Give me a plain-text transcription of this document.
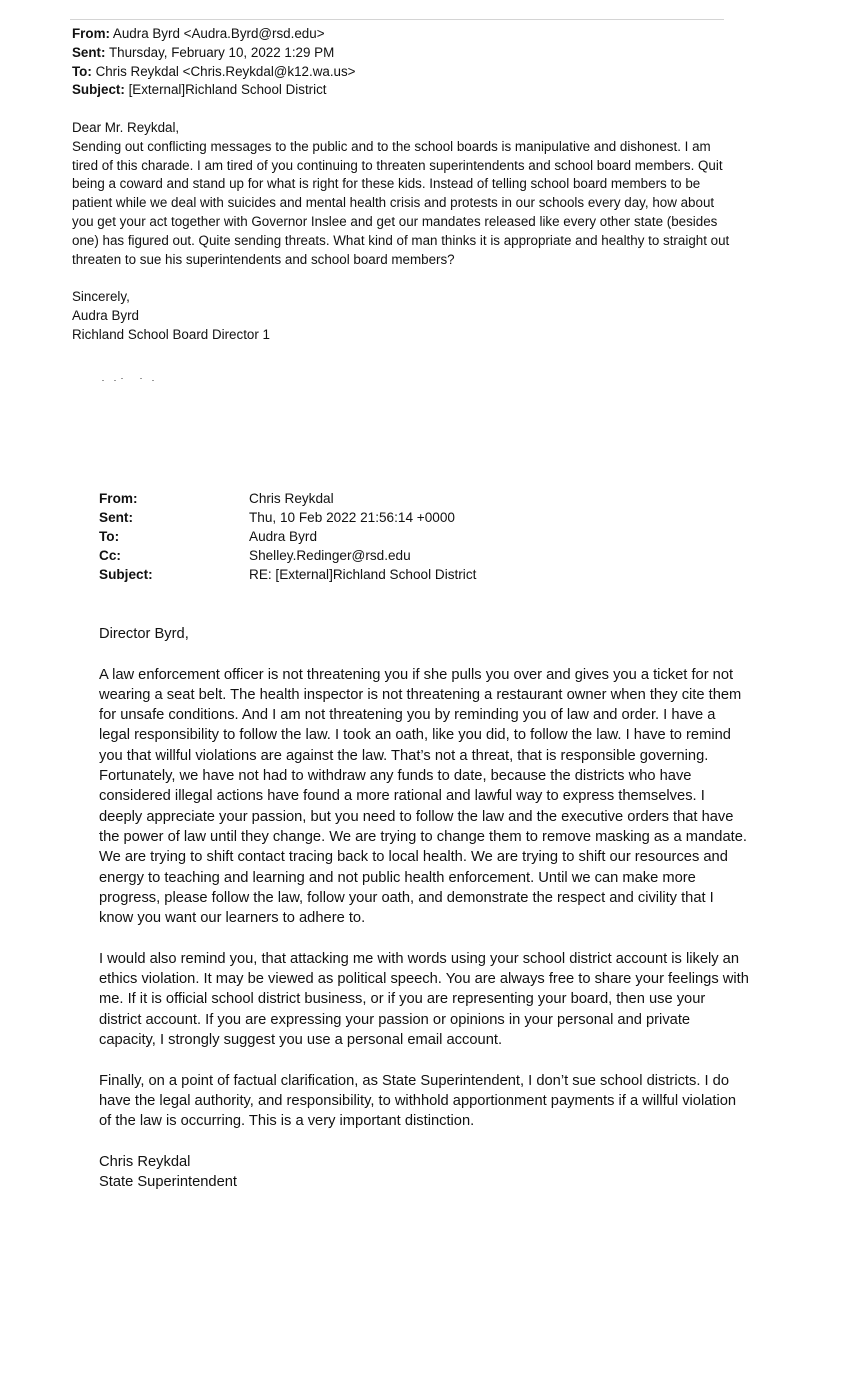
From: Audra Byrd <Audra.Byrd@rsd.edu>
Sent: Thursday, February 10, 2022 1:29 PM
To: Chris Reykdal <Chris.Reykdal@k12.wa.us>
Subject: [External]Richland School District
Dear Mr. Reykdal,

Sending out conflicting messages to the public and to the school boards is manipulative and dishonest. I am tired of this charade. I am tired of you continuing to threaten superintendents and school board members. Quit being a coward and stand up for what is right for these kids. Instead of telling school board members to be patient while we deal with suicides and mental health crisis and protests in our schools every day, how about you get your act together with Governor Inslee and get our mandates released like every other state (besides one) has figured out. Quite sending threats. What kind of man thinks it is appropriate and healthy to straight out threaten to sue his superintendents and school board members?

Sincerely,
Audra Byrd
Richland School Board Director 1
From:	Chris Reykdal
Sent:	Thu, 10 Feb 2022 21:56:14 +0000
To:	Audra Byrd
Cc:	Shelley.Redinger@rsd.edu
Subject:	RE: [External]Richland School District

Director Byrd,

A law enforcement officer is not threatening you if she pulls you over and gives you a ticket for not wearing a seat belt. The health inspector is not threatening a restaurant owner when they cite them for unsafe conditions. And I am not threatening you by reminding you of law and order. I have a legal responsibility to follow the law. I took an oath, like you did, to follow the law. I have to remind you that willful violations are against the law. That’s not a threat, that is responsible governing. Fortunately, we have not had to withdraw any funds to date, because the districts who have considered illegal actions have found a more rational and lawful way to express themselves. I deeply appreciate your passion, but you need to follow the law and the executive orders that have the power of law until they change. We are trying to change them to remove masking as a mandate. We are trying to shift contact tracing back to local health. We are trying to shift our resources and energy to teaching and learning and not public health enforcement. Until we can make more progress, please follow the law, follow your oath, and demonstrate the respect and civility that I know you want our learners to adhere to.

I would also remind you, that attacking me with words using your school district account is likely an ethics violation. It may be viewed as political speech. You are always free to share your feelings with me. If it is official school district business, or if you are representing your board, then use your district account. If you are expressing your passion or opinions in your personal and private capacity, I strongly suggest you use a personal email account.

Finally, on a point of factual clarification, as State Superintendent, I don’t sue school districts. I do have the legal authority, and responsibility, to withhold apportionment payments if a willful violation of the law is occurring. This is a very important distinction.

Chris Reykdal
State Superintendent
